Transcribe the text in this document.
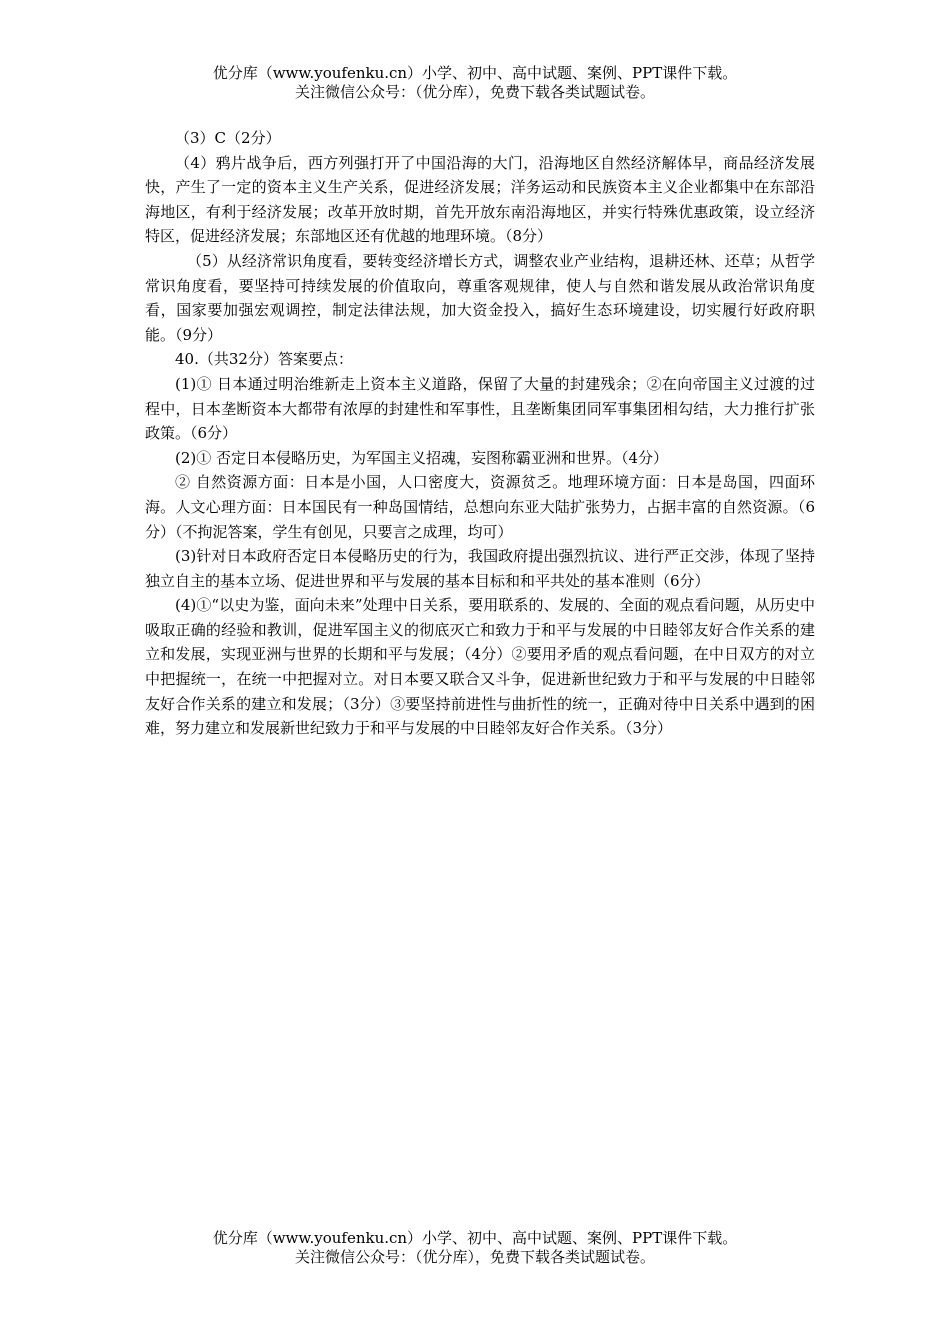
优分库（www.youfenku.cn）小学、初中、高中试题、案例、PPT课件下载。
关注微信公众号：（优分库），免费下载各类试题试卷。

（3）C（2分）

（4）鸦片战争后，西方列强打开了中国沿海的大门，沿海地区自然经济解体早，商品经济发展快，产生了一定的资本主义生产关系，促进经济发展；洋务运动和民族资本主义企业都集中在东部沿海地区，有利于经济发展；改革开放时期，首先开放东南沿海地区，并实行特殊优惠政策，设立经济特区，促进经济发展；东部地区还有优越的地理环境。（8分）

（5）从经济常识角度看，要转变经济增长方式，调整农业产业结构，退耕还林、还草；从哲学常识角度看，要坚持可持续发展的价值取向，尊重客观规律，使人与自然和谐发展从政治常识角度看，国家要加强宏观调控，制定法律法规，加大资金投入，搞好生态环境建设，切实履行好政府职能。（9分）

40.（共32分）答案要点：

(1)① 日本通过明治维新走上资本主义道路，保留了大量的封建残余；②在向帝国主义过渡的过程中，日本垄断资本大都带有浓厚的封建性和军事性，且垄断集团同军事集团相勾结，大力推行扩张政策。（6分）

(2)① 否定日本侵略历史，为军国主义招魂，妄图称霸亚洲和世界。（4分）

② 自然资源方面：日本是小国，人口密度大，资源贫乏。地理环境方面：日本是岛国，四面环海。人文心理方面：日本国民有一种岛国情结，总想向东亚大陆扩张势力，占据丰富的自然资源。（6分）（不拘泥答案，学生有创见，只要言之成理，均可）

(3)针对日本政府否定日本侵略历史的行为，我国政府提出强烈抗议、进行严正交涉，体现了坚持独立自主的基本立场、促进世界和平与发展的基本目标和和平共处的基本准则（6分）

(4)①“以史为鉴，面向未来”处理中日关系，要用联系的、发展的、全面的观点看问题，从历史中吸取正确的经验和教训，促进军国主义的彻底灭亡和致力于和平与发展的中日睦邻友好合作关系的建立和发展，实现亚洲与世界的长期和平与发展；（4分）②要用矛盾的观点看问题，在中日双方的对立中把握统一，在统一中把握对立。对日本要又联合又斗争，促进新世纪致力于和平与发展的中日睦邻友好合作关系的建立和发展；（3分）③要坚持前进性与曲折性的统一，正确对待中日关系中遇到的困难，努力建立和发展新世纪致力于和平与发展的中日睦邻友好合作关系。（3分）

优分库（www.youfenku.cn）小学、初中、高中试题、案例、PPT课件下载。
关注微信公众号：（优分库），免费下载各类试题试卷。
